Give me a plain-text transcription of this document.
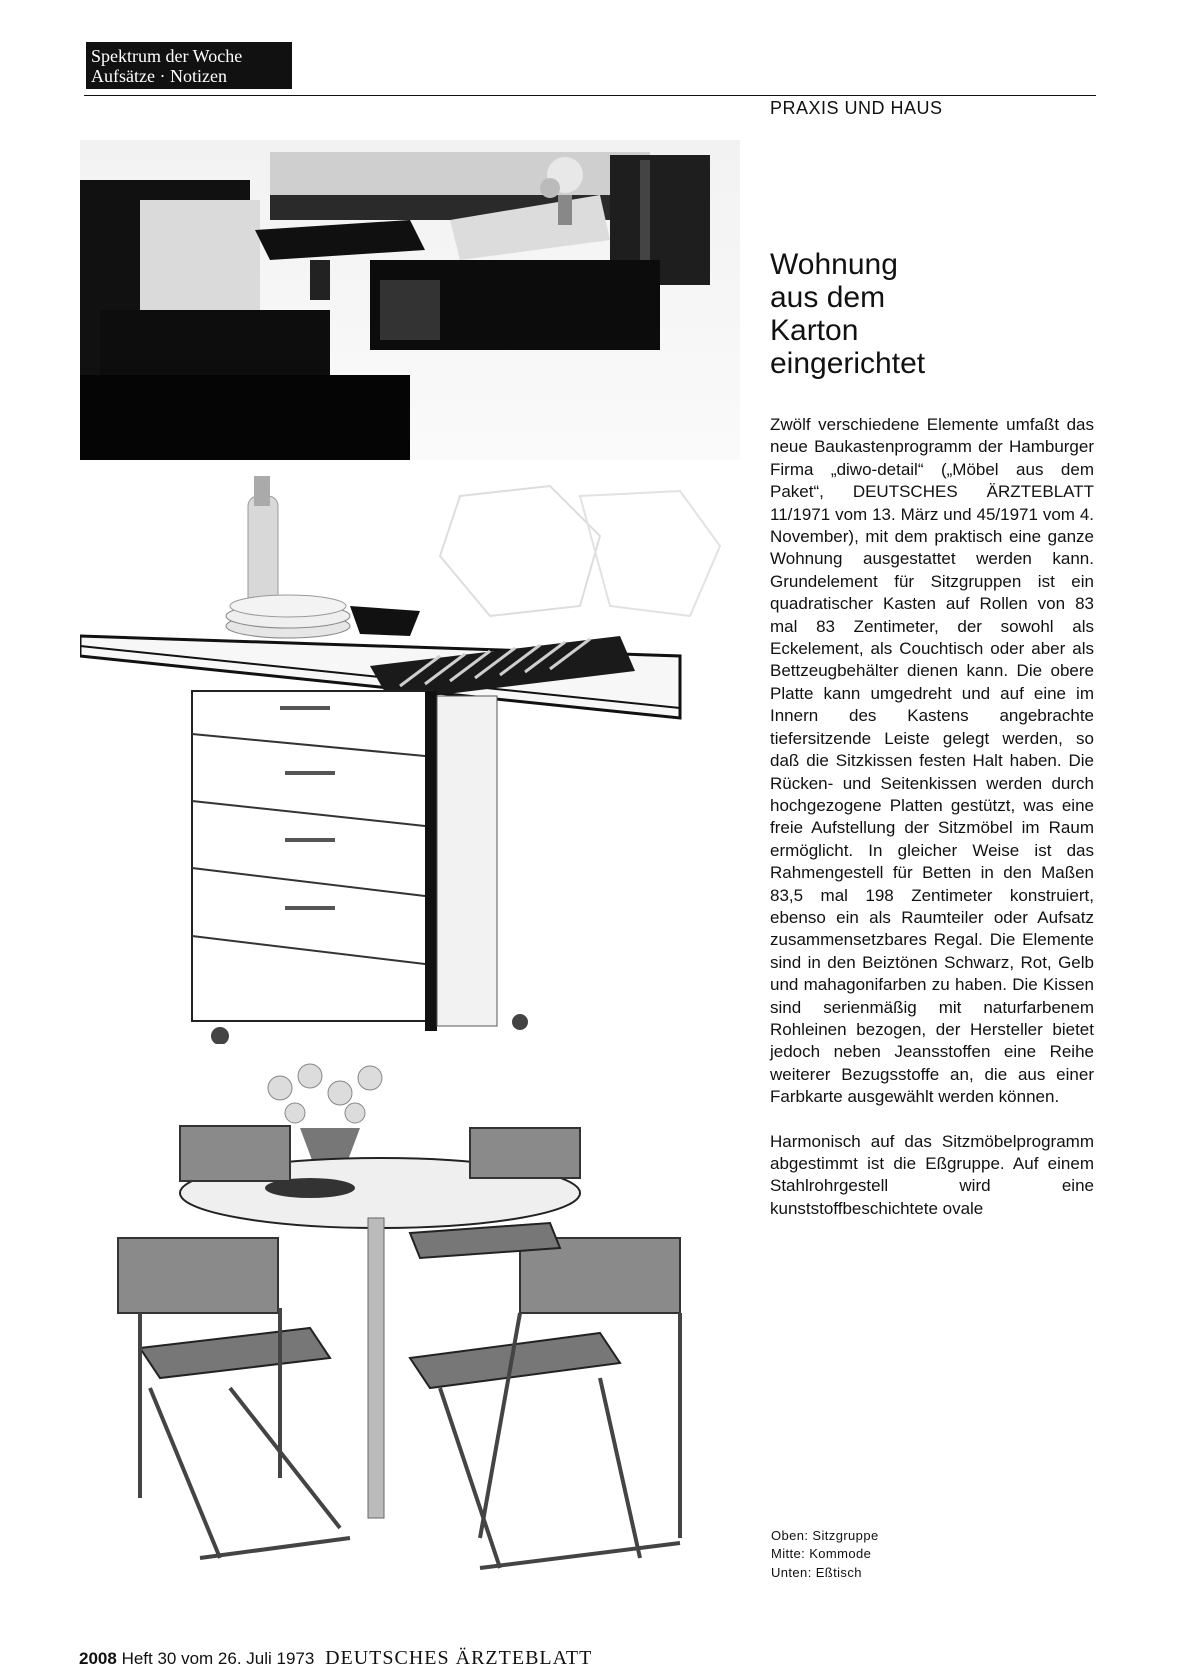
Spektrum der Woche
Aufsätze · Notizen
PRAXIS UND HAUS
Wohnung
aus dem
Karton
eingerichtet

Zwölf verschiedene Elemente umfaßt das neue Baukastenprogramm der Hamburger Firma „diwo-detail“ („Möbel aus dem Paket“, DEUTSCHES ÄRZTEBLATT 11/1971 vom 13. März und 45/1971 vom 4. November), mit dem praktisch eine ganze Wohnung ausgestattet werden kann. Grundelement für Sitzgruppen ist ein quadratischer Kasten auf Rollen von 83 mal 83 Zentimeter, der sowohl als Eckelement, als Couchtisch oder aber als Bettzeugbehälter dienen kann. Die obere Platte kann umgedreht und auf eine im Innern des Kastens angebrachte tiefersitzende Leiste gelegt werden, so daß die Sitzkissen festen Halt haben. Die Rücken- und Seitenkissen werden durch hochgezogene Platten gestützt, was eine freie Aufstellung der Sitzmöbel im Raum ermöglicht. In gleicher Weise ist das Rahmengestell für Betten in den Maßen 83,5 mal 198 Zentimeter konstruiert, ebenso ein als Raumteiler oder Aufsatz zusammensetzbares Regal. Die Elemente sind in den Beiztönen Schwarz, Rot, Gelb und mahagonifarben zu haben. Die Kissen sind serienmäßig mit naturfarbenem Rohleinen bezogen, der Hersteller bietet jedoch neben Jeansstoffen eine Reihe weiterer Bezugsstoffe an, die aus einer Farbkarte ausgewählt werden können.

Harmonisch auf das Sitzmöbelprogramm abgestimmt ist die Eßgruppe. Auf einem Stahlrohrgestell wird eine kunststoffbeschichtete ovale

Oben: Sitzgruppe
Mitte: Kommode
Unten: Eßtisch
2008 Heft 30 vom 26. Juli 1973 DEUTSCHES ÄRZTEBLATT
